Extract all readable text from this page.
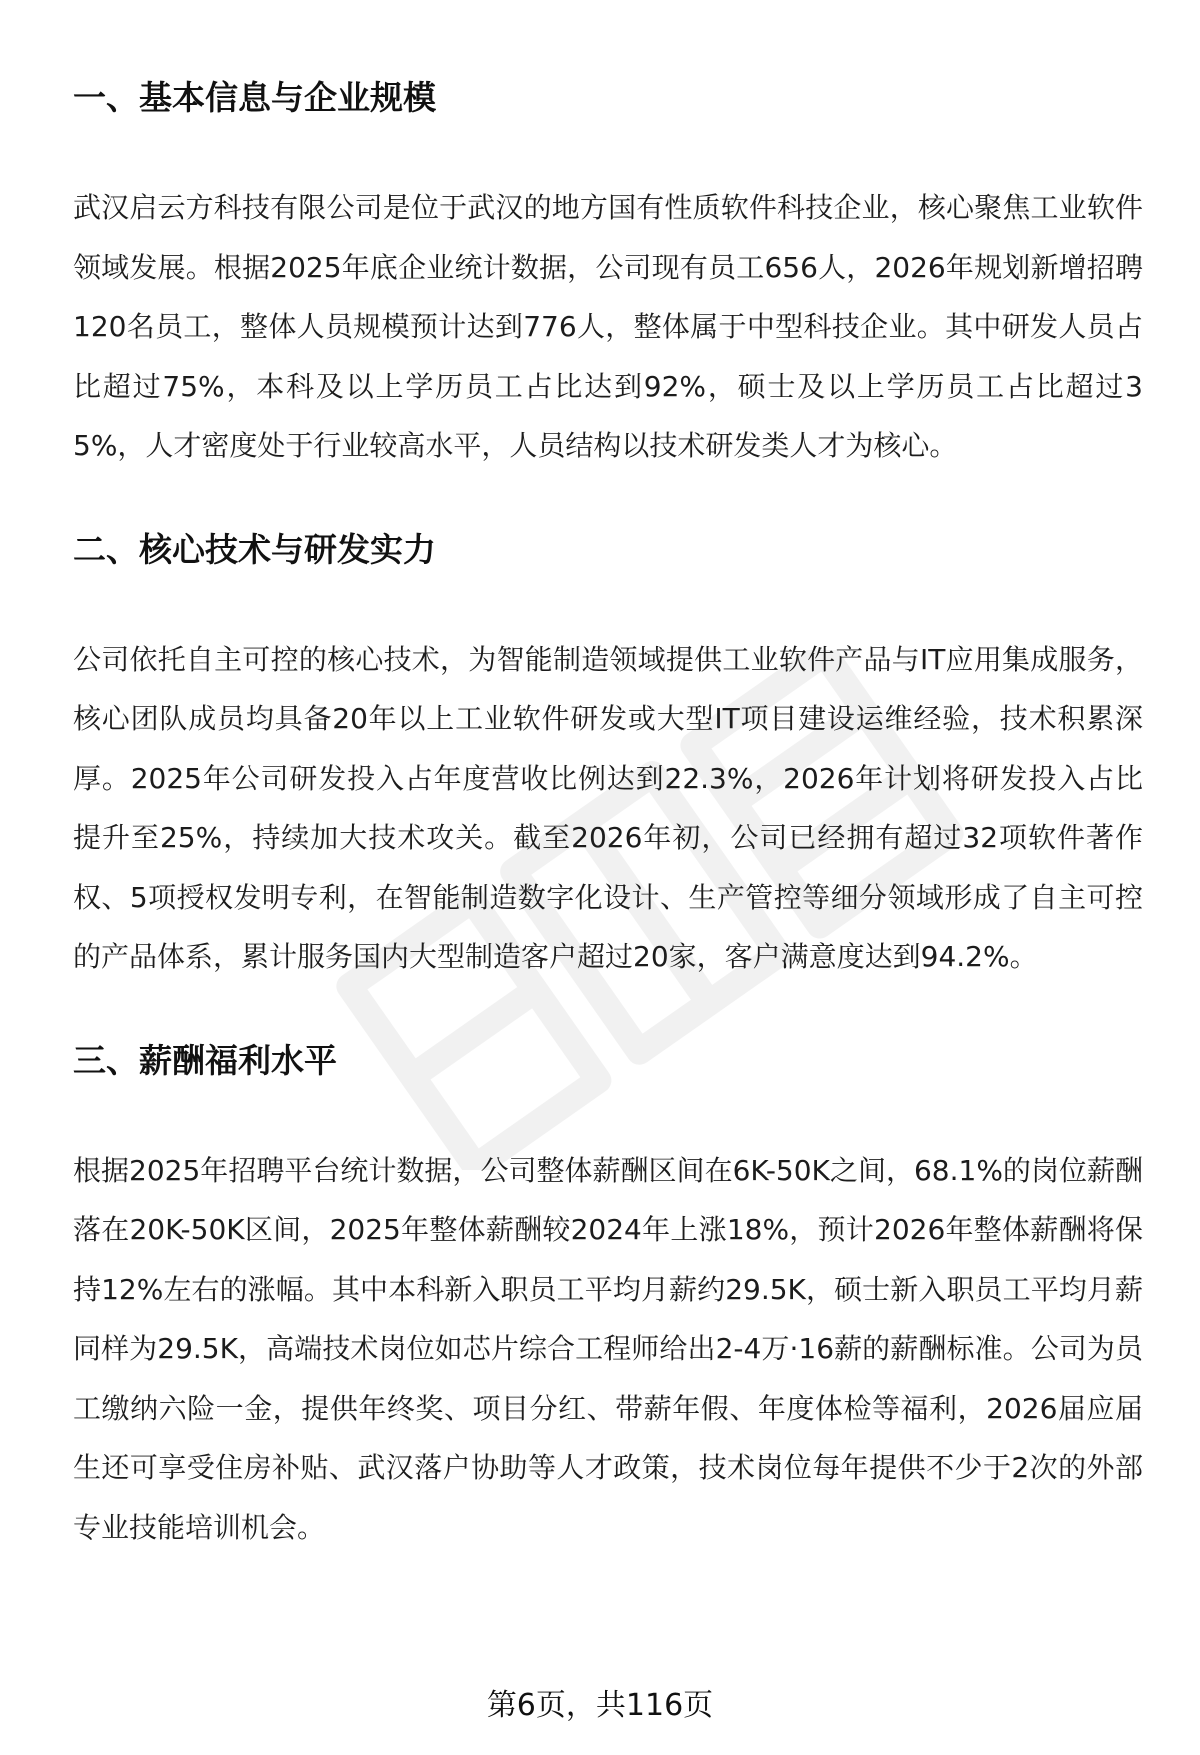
一、基本信息与企业规模

武汉启云方科技有限公司是位于武汉的地方国有性质软件科技企业，核心聚焦工业软件领域发展。根据2025年底企业统计数据，公司现有员工656人，2026年规划新增招聘120名员工，整体人员规模预计达到776人，整体属于中型科技企业。其中研发人员占比超过75%，本科及以上学历员工占比达到92%，硕士及以上学历员工占比超过35%，人才密度处于行业较高水平，人员结构以技术研发类人才为核心。

二、核心技术与研发实力

公司依托自主可控的核心技术，为智能制造领域提供工业软件产品与IT应用集成服务，核心团队成员均具备20年以上工业软件研发或大型IT项目建设运维经验，技术积累深厚。2025年公司研发投入占年度营收比例达到22.3%，2026年计划将研发投入占比提升至25%，持续加大技术攻关。截至2026年初，公司已经拥有超过32项软件著作权、5项授权发明专利，在智能制造数字化设计、生产管控等细分领域形成了自主可控的产品体系，累计服务国内大型制造客户超过20家，客户满意度达到94.2%。

三、薪酬福利水平

根据2025年招聘平台统计数据，公司整体薪酬区间在6K-50K之间，68.1%的岗位薪酬落在20K-50K区间，2025年整体薪酬较2024年上涨18%，预计2026年整体薪酬将保持12%左右的涨幅。其中本科新入职员工平均月薪约29.5K，硕士新入职员工平均月薪同样为29.5K，高端技术岗位如芯片综合工程师给出2-4万·16薪的薪酬标准。公司为员工缴纳六险一金，提供年终奖、项目分红、带薪年假、年度体检等福利，2026届应届生还可享受住房补贴、武汉落户协助等人才政策，技术岗位每年提供不少于2次的外部专业技能培训机会。

第6页，共116页
